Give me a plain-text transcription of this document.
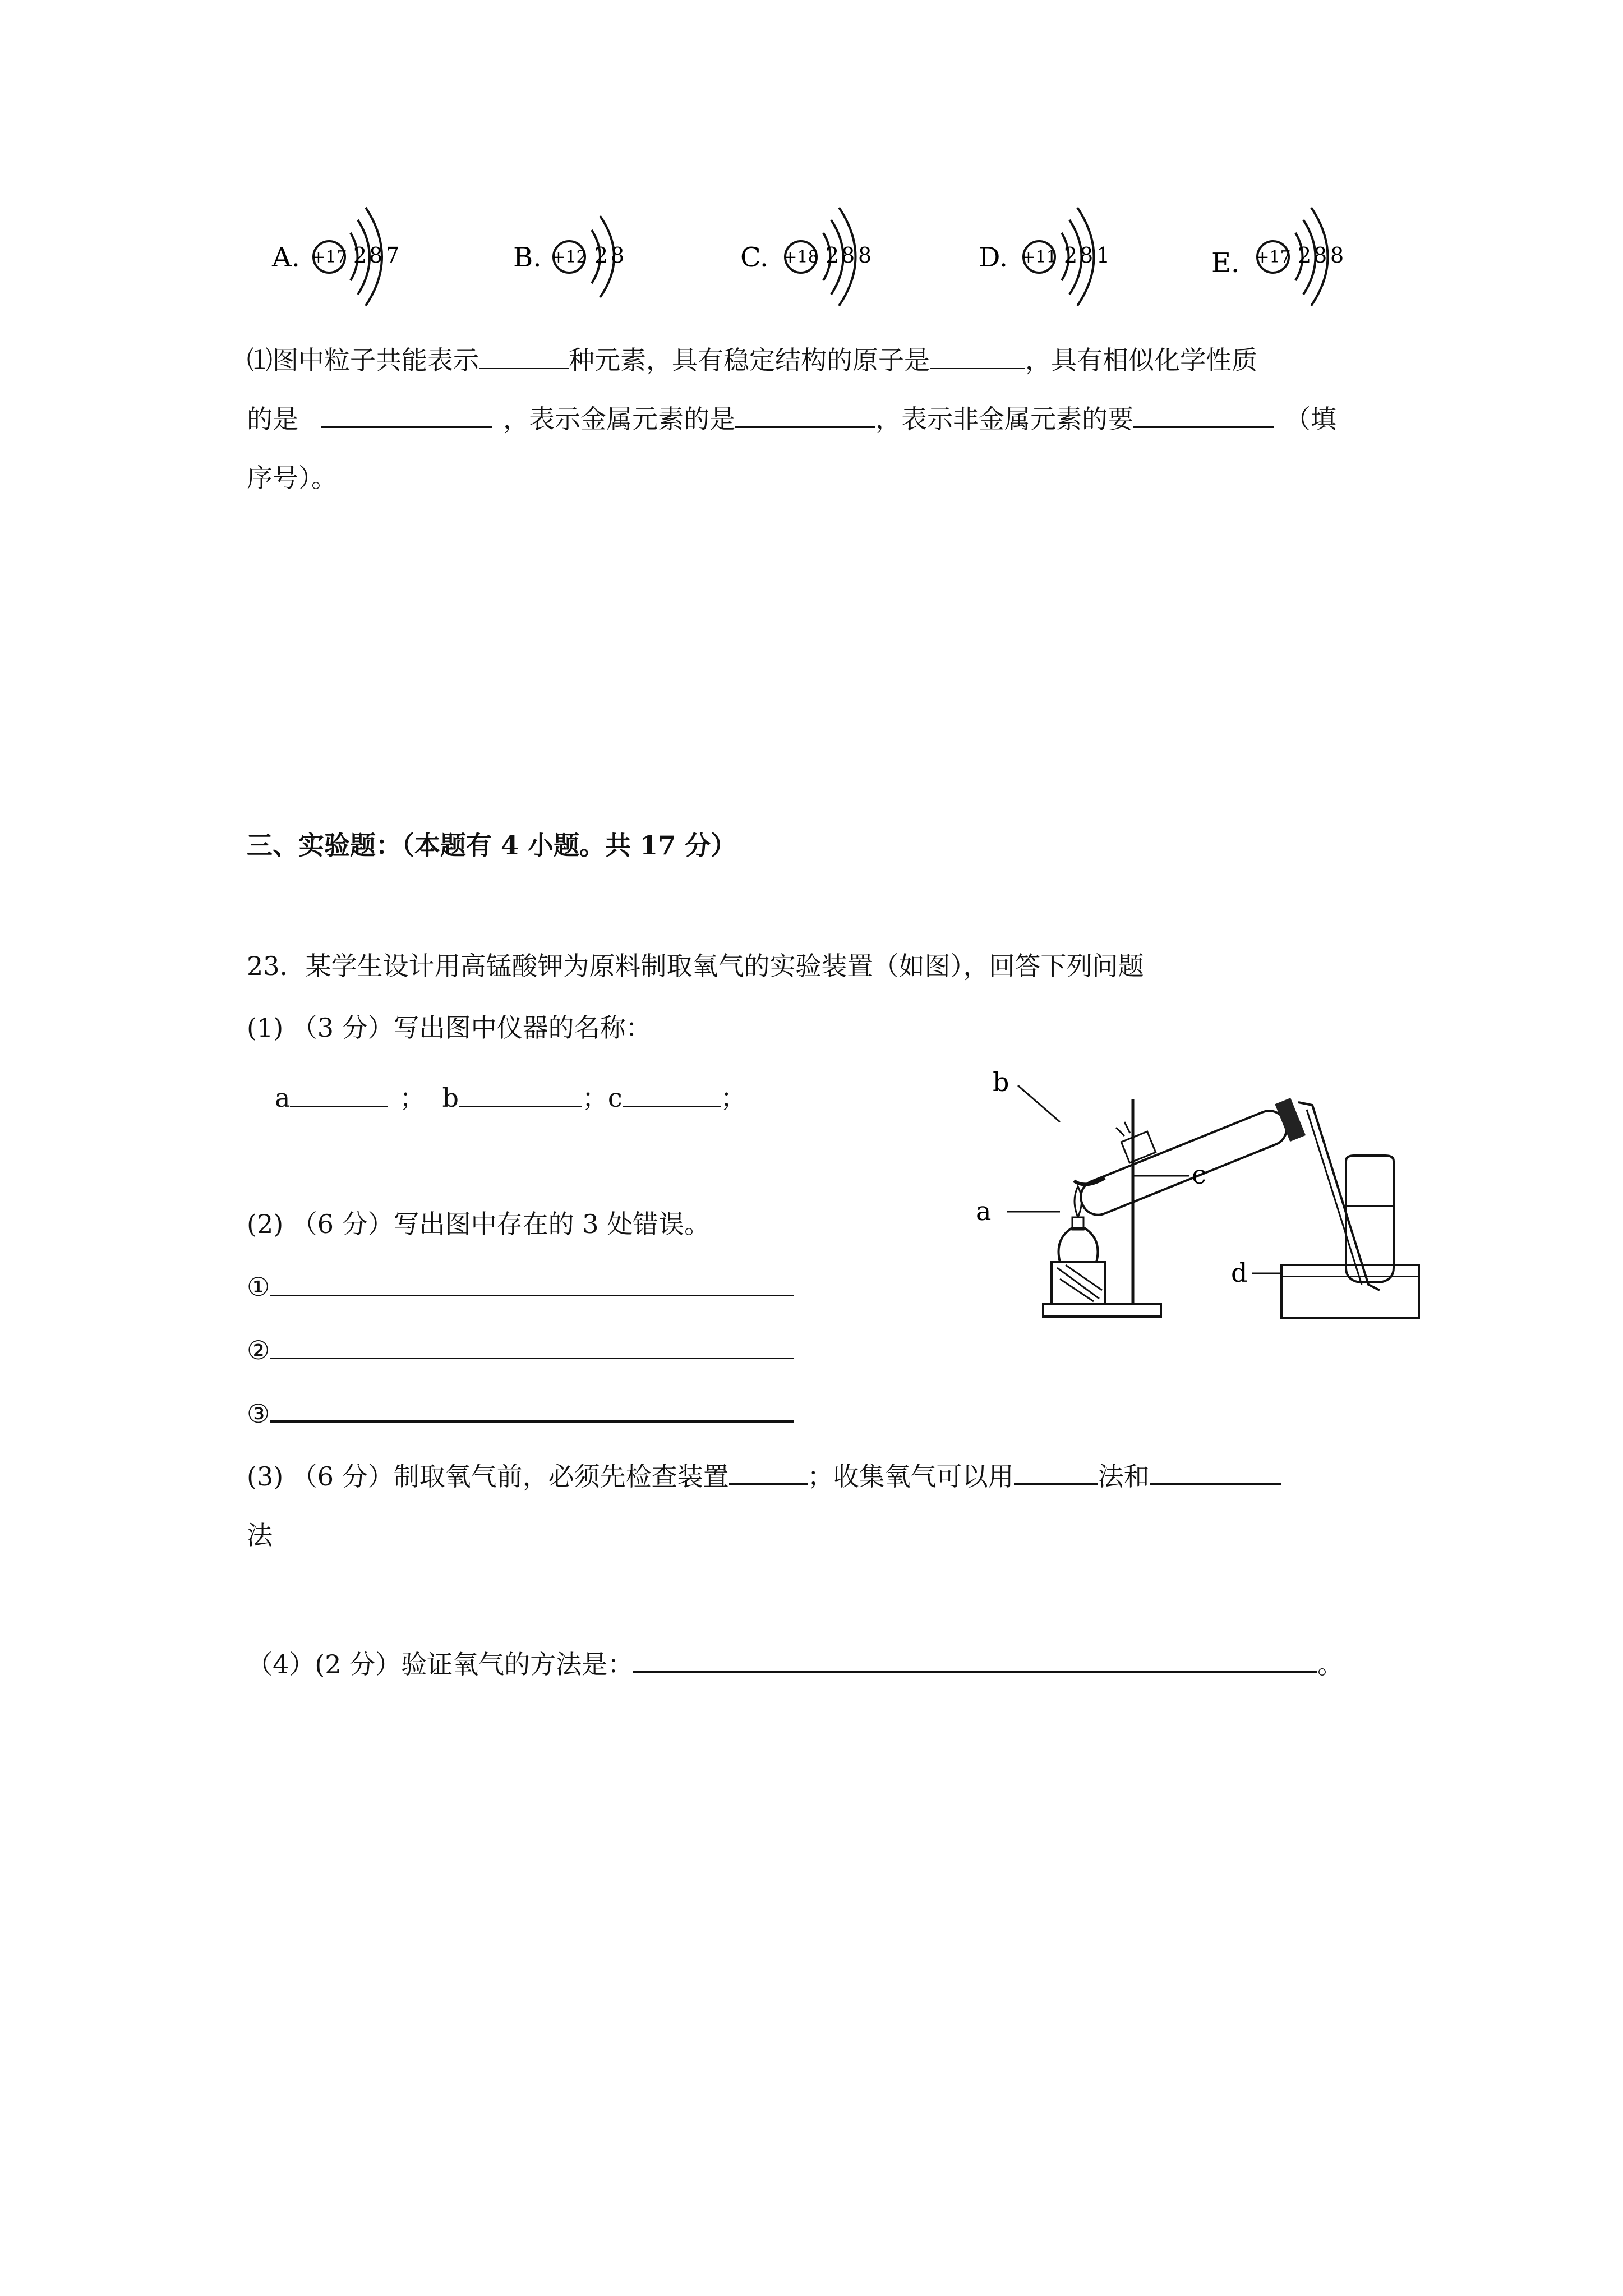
A. +17 2 8 7	B. +12 2 8	C. +18 2 8 8	D. +11 2 8 1	E. +17 2 8 8
⑴图中粒子共能表示	种元素，具有稳定结构的原子是	，具有相似化学性质
的是	，表示金属元素的是	，表示非金属元素的要	（填
序号）。
三、实验题：（本题有 4 小题。共 17 分）
23．某学生设计用高锰酸钾为原料制取氧气的实验装置（如图），回答下列问题
(1) （3 分）写出图中仪器的名称：
a	； b	；c	；
(2) （6 分）写出图中存在的 3 处错误。
①
②
③
(3) （6 分）制取氧气前，必须先检查装置	；收集氧气可以用	法和
法
（4）(2 分）验证氧气的方法是：	。
b
a
c
d
